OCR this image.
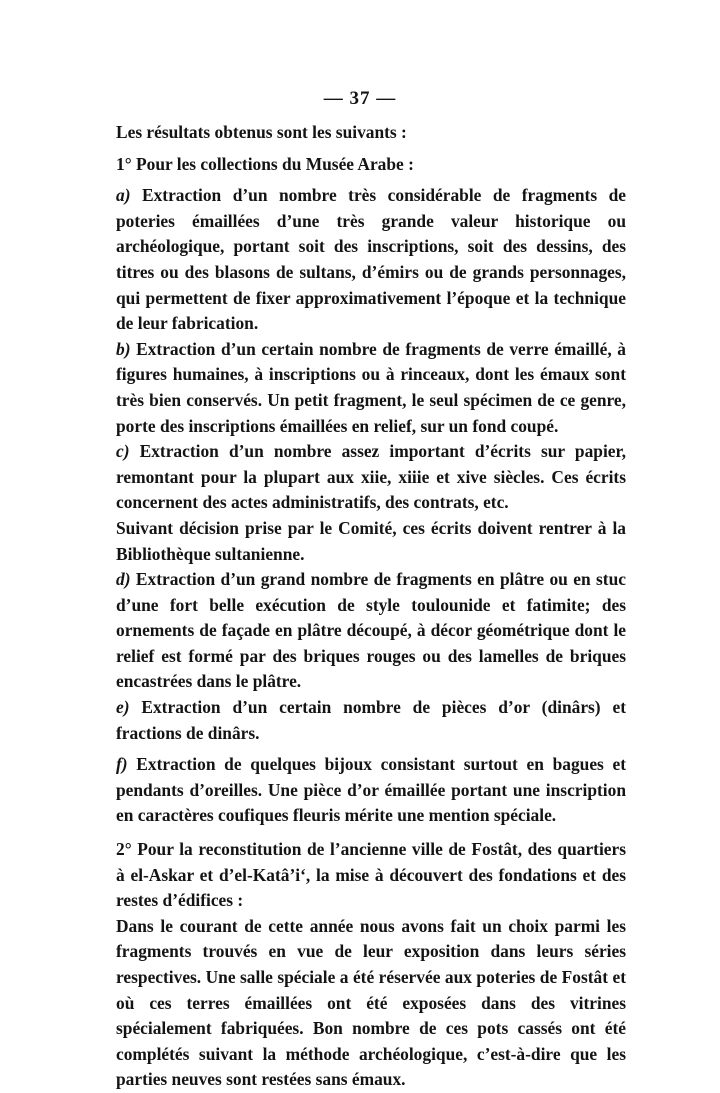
— 37 —

Les résultats obtenus sont les suivants :

1° Pour les collections du Musée Arabe :

a) Extraction d’un nombre très considérable de fragments de poteries émaillées d’une très grande valeur historique ou archéologique, portant soit des inscriptions, soit des dessins, des titres ou des blasons de sultans, d’émirs ou de grands personnages, qui permettent de fixer approximativement l’époque et la technique de leur fabrication.

b) Extraction d’un certain nombre de fragments de verre émaillé, à figures humaines, à inscriptions ou à rinceaux, dont les émaux sont très bien conservés. Un petit fragment, le seul spécimen de ce genre, porte des inscriptions émaillées en relief, sur un fond coupé.

c) Extraction d’un nombre assez important d’écrits sur papier, remontant pour la plupart aux xiie, xiiie et xive siècles. Ces écrits concernent des actes administratifs, des contrats, etc.

Suivant décision prise par le Comité, ces écrits doivent rentrer à la Bibliothèque sultanienne.

d) Extraction d’un grand nombre de fragments en plâtre ou en stuc d’une fort belle exécution de style toulounide et fatimite; des ornements de façade en plâtre découpé, à décor géométrique dont le relief est formé par des briques rouges ou des lamelles de briques encastrées dans le plâtre.

e) Extraction d’un certain nombre de pièces d’or (dinârs) et fractions de dinârs.

f) Extraction de quelques bijoux consistant surtout en bagues et pendants d’oreilles. Une pièce d’or émaillée portant une inscription en caractères coufiques fleuris mérite une mention spéciale.

2° Pour la reconstitution de l’ancienne ville de Fostât, des quartiers à el-Askar et d’el-Katâ’i‘, la mise à découvert des fondations et des restes d’édifices :

Dans le courant de cette année nous avons fait un choix parmi les fragments trouvés en vue de leur exposition dans leurs séries respectives. Une salle spéciale a été réservée aux poteries de Fostât et où ces terres émaillées ont été exposées dans des vitrines spécialement fabriquées. Bon nombre de ces pots cassés ont été complétés suivant la méthode archéologique, c’est-à-dire que les parties neuves sont restées sans émaux.
